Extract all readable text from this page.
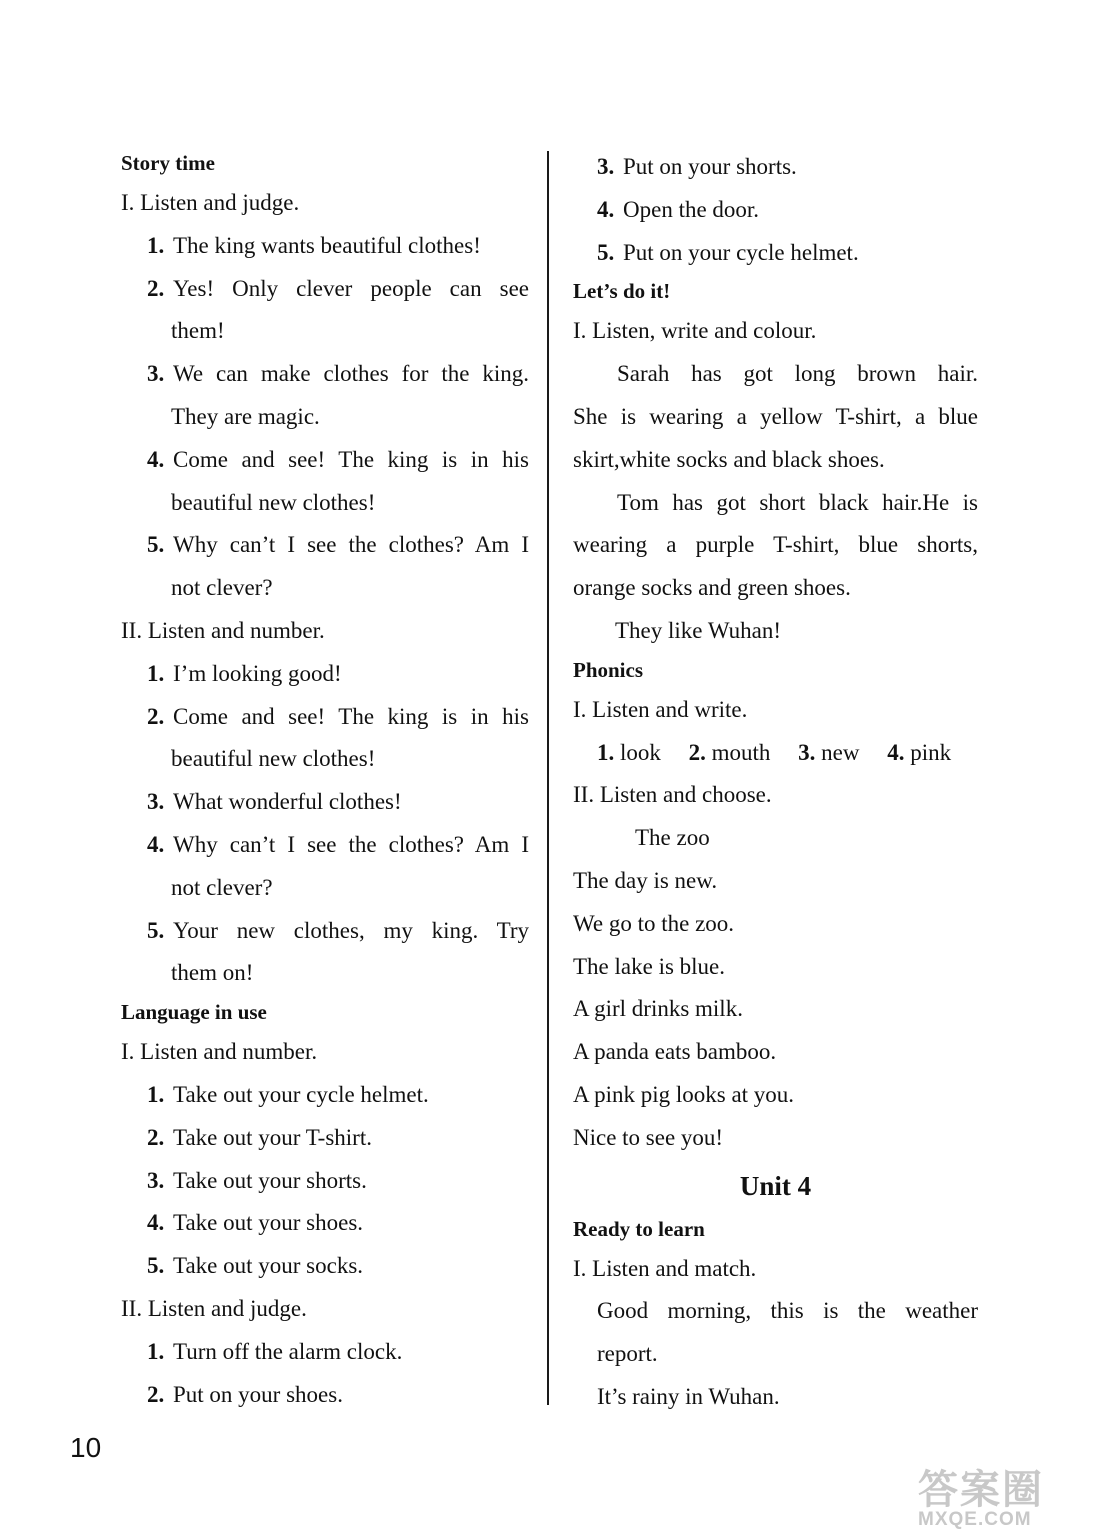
Story time
I. Listen and judge.
1. The king wants beautiful clothes!
2. Yes! Only clever people can see
them!
3. We can make clothes for the king.
They are magic.
4. Come and see! The king is in his
beautiful new clothes!
5. Why can’t I see the clothes? Am I
not clever?
II. Listen and number.
1. I’m looking good!
2. Come and see! The king is in his
beautiful new clothes!
3. What wonderful clothes!
4. Why can’t I see the clothes? Am I
not clever?
5. Your new clothes, my king. Try
them on!
Language in use
I. Listen and number.
1. Take out your cycle helmet.
2. Take out your T-shirt.
3. Take out your shorts.
4. Take out your shoes.
5. Take out your socks.
II. Listen and judge.
1. Turn off the alarm clock.
2. Put on your shoes.
3. Put on your shorts.
4. Open the door.
5. Put on your cycle helmet.
Let’s do it!
I. Listen, write and colour.
Sarah has got long brown hair.
She is wearing a yellow T-shirt, a blue
skirt,white socks and black shoes.
Tom has got short black hair.He is
wearing a purple T-shirt, blue shorts,
orange socks and green shoes.
They like Wuhan!
Phonics
I. Listen and write.
1. look 2. mouth 3. new 4. pink
II. Listen and choose.
The zoo
The day is new.
We go to the zoo.
The lake is blue.
A girl drinks milk.
A panda eats bamboo.
A pink pig looks at you.
Nice to see you!
Unit 4
Ready to learn
I. Listen and match.
Good morning, this is the weather
report.
It’s rainy in Wuhan.
10
答案圈
MXQE.COM
